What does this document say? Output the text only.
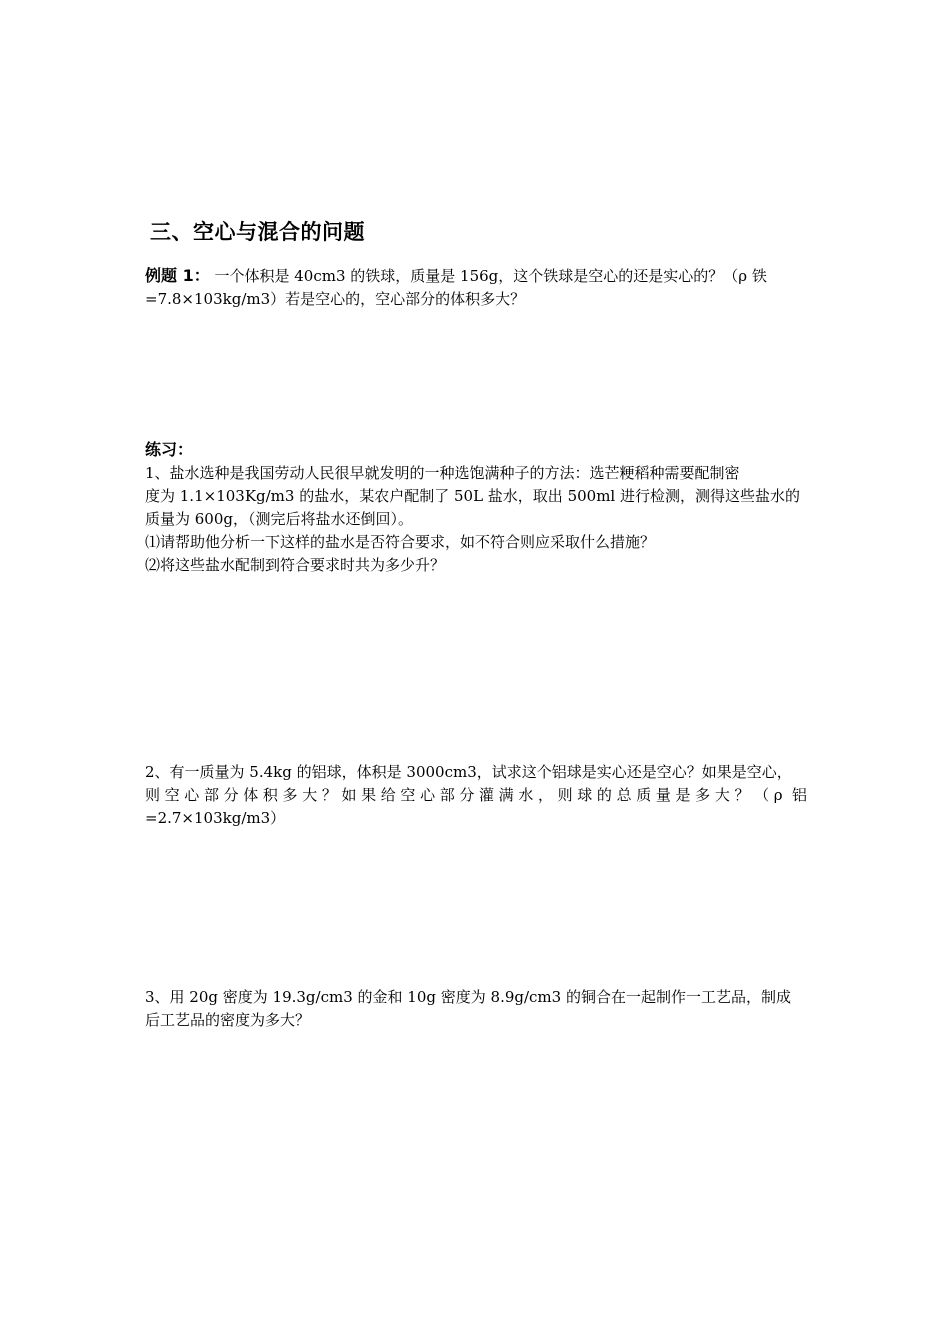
三、空心与混合的问题
例题 1： 一个体积是 40cm3 的铁球，质量是 156g，这个铁球是空心的还是实心的？（ρ 铁
=7.8×103kg/m3）若是空心的，空心部分的体积多大？
练习：
1、盐水选种是我国劳动人民很早就发明的一种选饱满种子的方法：选芒粳稻种需要配制密
度为 1.1×103Kg/m3 的盐水，某农户配制了 50L 盐水，取出 500ml 进行检测，测得这些盐水的
质量为 600g，（测完后将盐水还倒回）。
⑴请帮助他分析一下这样的盐水是否符合要求，如不符合则应采取什么措施？
⑵将这些盐水配制到符合要求时共为多少升？
2、有一质量为 5.4kg 的铝球，体积是 3000cm3，试求这个铝球是实心还是空心？如果是空心，
则空心部分体积多大？如果给空心部分灌满水，则球的总质量是多大？（ρ 铝
=2.7×103kg/m3）
3、用 20g 密度为 19.3g/cm3 的金和 10g 密度为 8.9g/cm3 的铜合在一起制作一工艺品，制成
后工艺品的密度为多大？
